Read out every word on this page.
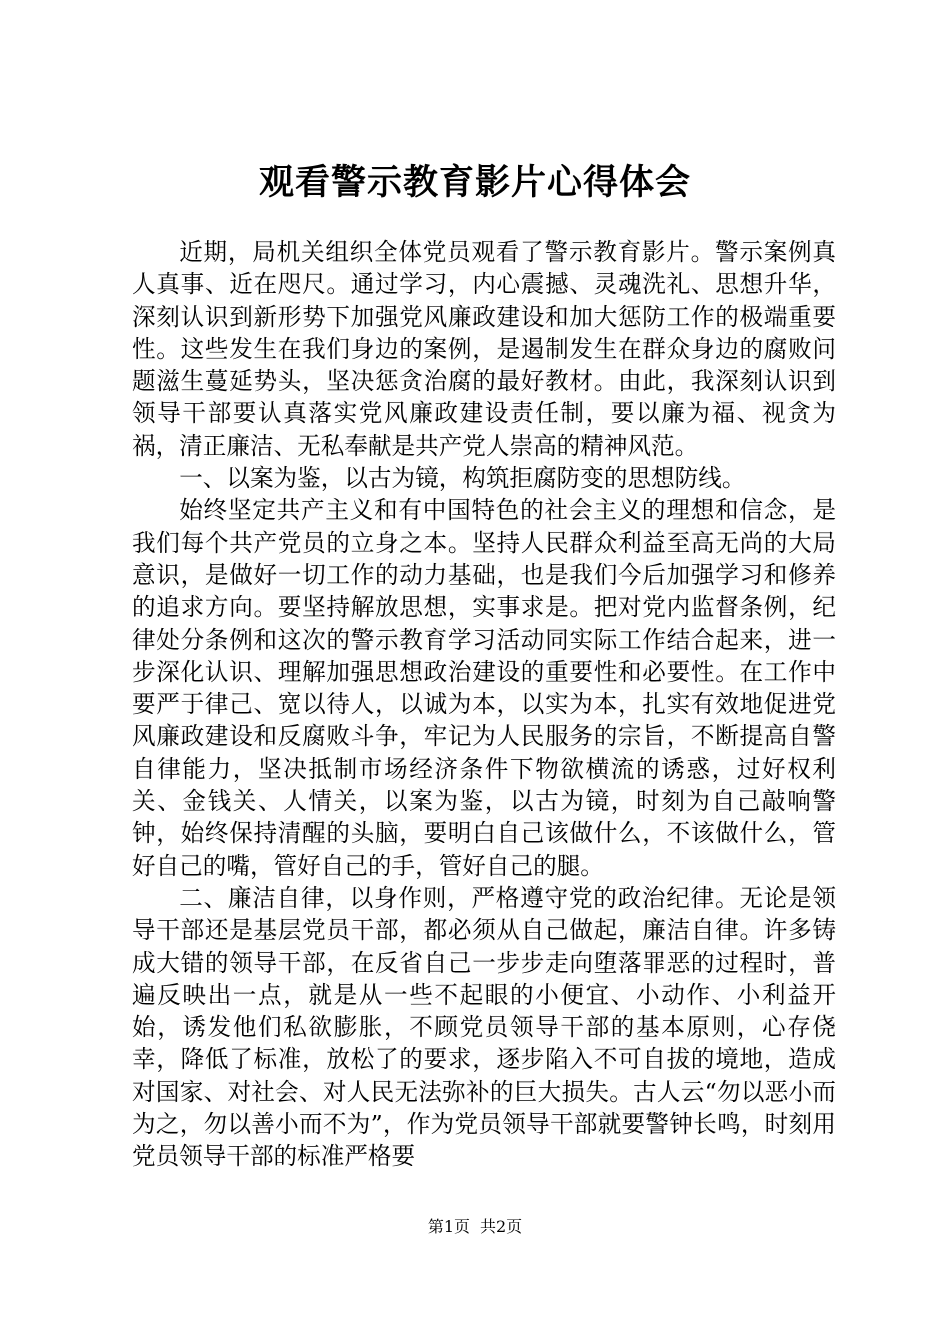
观看警示教育影片心得体会

近期，局机关组织全体党员观看了警示教育影片。警示案例真人真事、近在咫尺。通过学习，内心震撼、灵魂洗礼、思想升华，深刻认识到新形势下加强党风廉政建设和加大惩防工作的极端重要性。这些发生在我们身边的案例，是遏制发生在群众身边的腐败问题滋生蔓延势头，坚决惩贪治腐的最好教材。由此，我深刻认识到领导干部要认真落实党风廉政建设责任制，要以廉为福、视贪为祸，清正廉洁、无私奉献是共产党人崇高的精神风范。

一、以案为鉴，以古为镜，构筑拒腐防变的思想防线。

始终坚定共产主义和有中国特色的社会主义的理想和信念，是我们每个共产党员的立身之本。坚持人民群众利益至高无尚的大局意识，是做好一切工作的动力基础，也是我们今后加强学习和修养的追求方向。要坚持解放思想，实事求是。把对党内监督条例，纪律处分条例和这次的警示教育学习活动同实际工作结合起来，进一步深化认识、理解加强思想政治建设的重要性和必要性。在工作中要严于律己、宽以待人，以诚为本，以实为本，扎实有效地促进党风廉政建设和反腐败斗争，牢记为人民服务的宗旨，不断提高自警自律能力，坚决抵制市场经济条件下物欲横流的诱惑，过好权利关、金钱关、人情关，以案为鉴，以古为镜，时刻为自己敲响警钟，始终保持清醒的头脑，要明白自己该做什么，不该做什么，管好自己的嘴，管好自己的手，管好自己的腿。

二、廉洁自律，以身作则，严格遵守党的政治纪律。无论是领导干部还是基层党员干部，都必须从自己做起，廉洁自律。许多铸成大错的领导干部，在反省自己一步步走向堕落罪恶的过程时，普遍反映出一点，就是从一些不起眼的小便宜、小动作、小利益开始，诱发他们私欲膨胀，不顾党员领导干部的基本原则，心存侥幸，降低了标准，放松了的要求，逐步陷入不可自拔的境地，造成对国家、对社会、对人民无法弥补的巨大损失。古人云“勿以恶小而为之，勿以善小而不为”，作为党员领导干部就要警钟长鸣，时刻用党员领导干部的标准严格要

第1页 共2页
